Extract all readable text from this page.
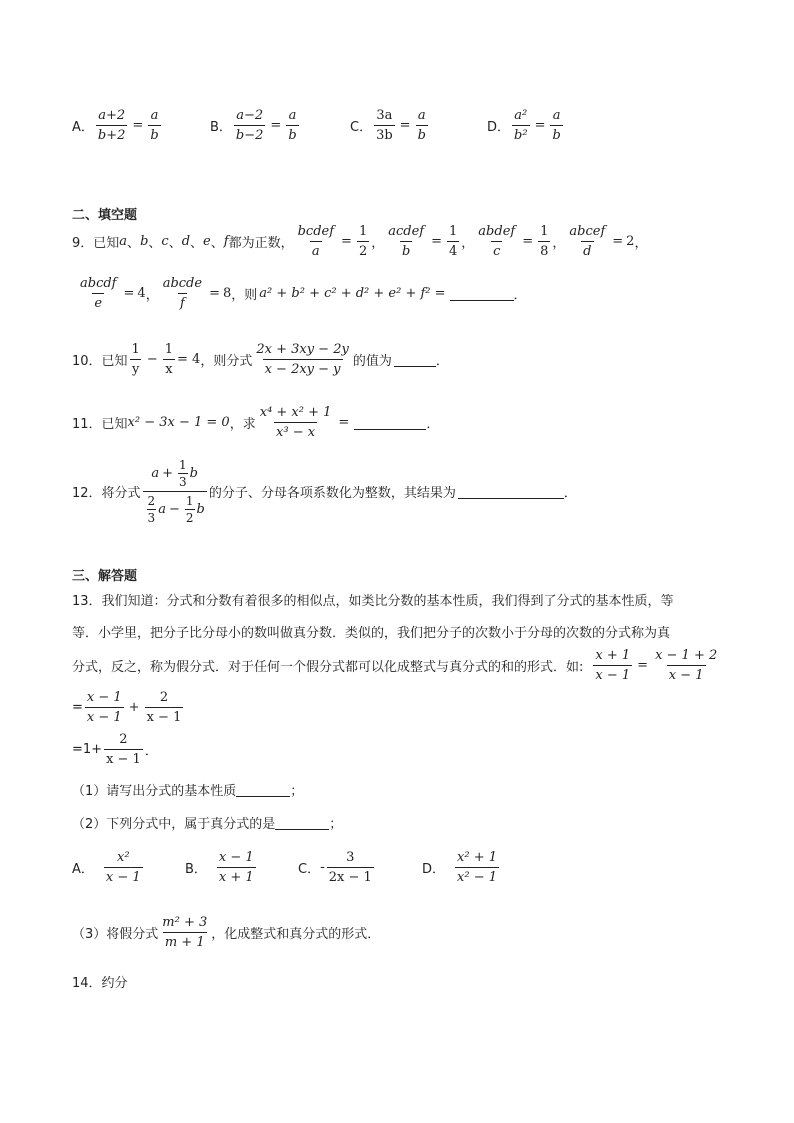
A． $\frac{a+2}{b+2} = \frac{a}{b}$	B． $\frac{a-2}{b-2} = \frac{a}{b}$	C． $\frac{3a}{3b} = \frac{a}{b}$	D． $\frac{\text{a²}}{\text{b²}} = \frac{a}{b}$
二、填空题
9．已知 a 、 b 、 c 、 d 、 e 、 f 都为正数， $\frac{\text{bcdef}}{a} = \frac{1}{2}$ ， $\frac{\text{acdef}}{b} = \frac{1}{4}$ ， $\frac{\text{abdef}}{c} = \frac{1}{8}$ ， $\frac{\text{abcef}}{d} = 2$ ，
$\frac{\text{abcdf}}{e} = 4$ ， $\frac{\text{abcde}}{f} = 8$ ，则 a² + b² + c² + d² + e² + f² =	．
10．已知 $\frac{1}{y} - \frac{1}{x} = 4$ ，则分式 $\frac{2x + 3xy - 2y}{x - 2xy - y}$ 的值为	．
11．已知 x² − 3x − 1 = 0 ，求 $\frac{\text{x⁴ + x² + 1}}{\text{x³ − x}}$ =	．
12．将分式 $\frac{a + \frac{1}{3} b}{\frac{2}{3} a - \frac{1}{2} b}$ 的分子、分母各项系数化为整数，其结果为	．
三、解答题
13．我们知道：分式和分数有着很多的相似点，如类比分数的基本性质，我们得到了分式的基本性质，等
等．小学里，把分子比分母小的数叫做真分数．类似的，我们把分子的次数小于分母的次数的分式称为真
分式，反之，称为假分式．对于任何一个假分式都可以化成整式与真分式的和的形式．如: $\frac{x + 1}{x - 1} = \frac{x - 1 + 2}{x - 1}$
= $\frac{x - 1}{x - 1} + \frac{2}{x - 1}$
$=1+ \frac{2}{x - 1}$ ．
（1）请写出分式的基本性质	；
（2）下列分式中，属于真分式的是	；
A． $\frac{\text{x²}}{x - 1}$	B． $\frac{x - 1}{x + 1}$	C． - $\frac{3}{2x - 1}$	D． $\frac{\text{x² + 1}}{\text{x² − 1}}$
（3）将假分式 $\frac{\text{m² + 3}}{m + 1}$ ，化成整式和真分式的形式．
14．约分
